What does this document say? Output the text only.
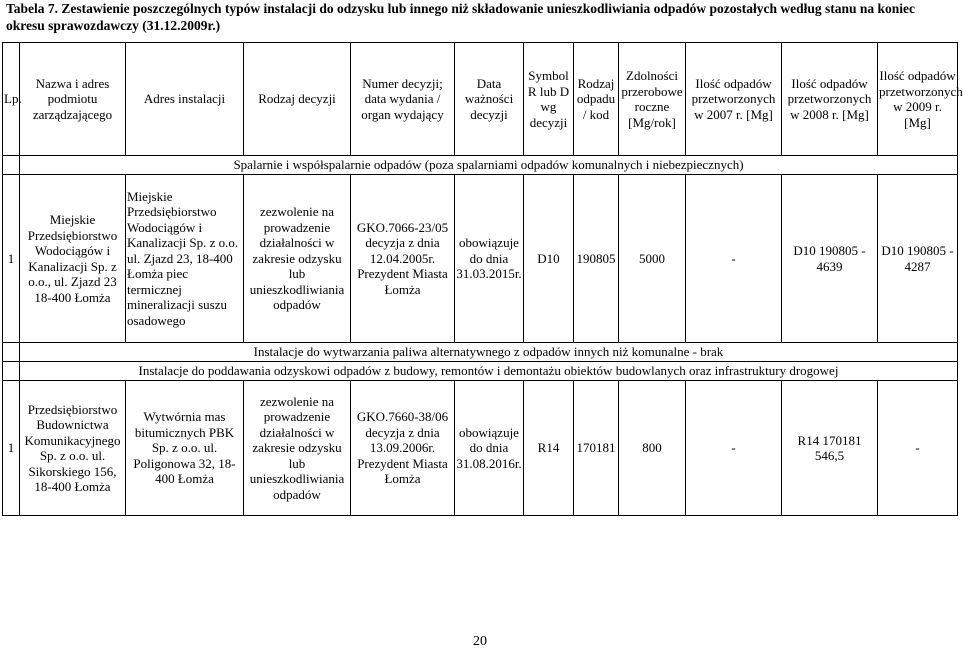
Tabela 7. Zestawienie poszczególnych typów instalacji do odzysku lub innego niż składowanie unieszkodliwiania odpadów pozostałych według stanu na koniec okresu sprawozdawczy (31.12.2009r.)
Lp.	Nazwa i adres podmiotu zarządzającego	Adres instalacji	Rodzaj decyzji	Numer decyzji; data wydania / organ wydający	Data ważności decyzji	Symbol R lub D wg decyzji	Rodzaj odpadu / kod	Zdolności przerobowe roczne [Mg/rok]	Ilość odpadów przetworzonych w 2007 r. [Mg]	Ilość odpadów przetworzonych w 2008 r. [Mg]	Ilość odpadów przetworzonych w 2009 r. [Mg]
	Spalarnie i współspalarnie odpadów (poza spalarniami odpadów komunalnych i niebezpiecznych)										
1	Miejskie Przedsiębiorstwo Wodociągów i Kanalizacji Sp. z o.o., ul. Zjazd 23 18-400 Łomża	Miejskie Przedsiębiorstwo Wodociągów i Kanalizacji Sp. z o.o. ul. Zjazd 23, 18-400 Łomża piec termicznej mineralizacji suszu osadowego	zezwolenie na prowadzenie działalności w zakresie odzysku lub unieszkodliwiania odpadów	GKO.7066-23/05 decyzja z dnia 12.04.2005r. Prezydent Miasta Łomża	obowiązuje do dnia 31.03.2015r.	D10	190805	5000	-	D10 190805 - 4639	D10 190805 - 4287
	Instalacje do wytwarzania paliwa alternatywnego z odpadów innych niż komunalne - brak										
	Instalacje do poddawania odzyskowi odpadów z budowy, remontów i demontażu obiektów budowlanych oraz infrastruktury drogowej										
1	Przedsiębiorstwo Budownictwa Komunikacyjnego Sp. z o.o. ul. Sikorskiego 156, 18-400 Łomża	Wytwórnia mas bitumicznych PBK Sp. z o.o. ul. Poligonowa 32, 18-400 Łomża	zezwolenie na prowadzenie działalności w zakresie odzysku lub unieszkodliwiania odpadów	GKO.7660-38/06 decyzja z dnia 13.09.2006r. Prezydent Miasta Łomża	obowiązuje do dnia 31.08.2016r.	R14	170181	800	-	R14 170181 546,5	-
20
